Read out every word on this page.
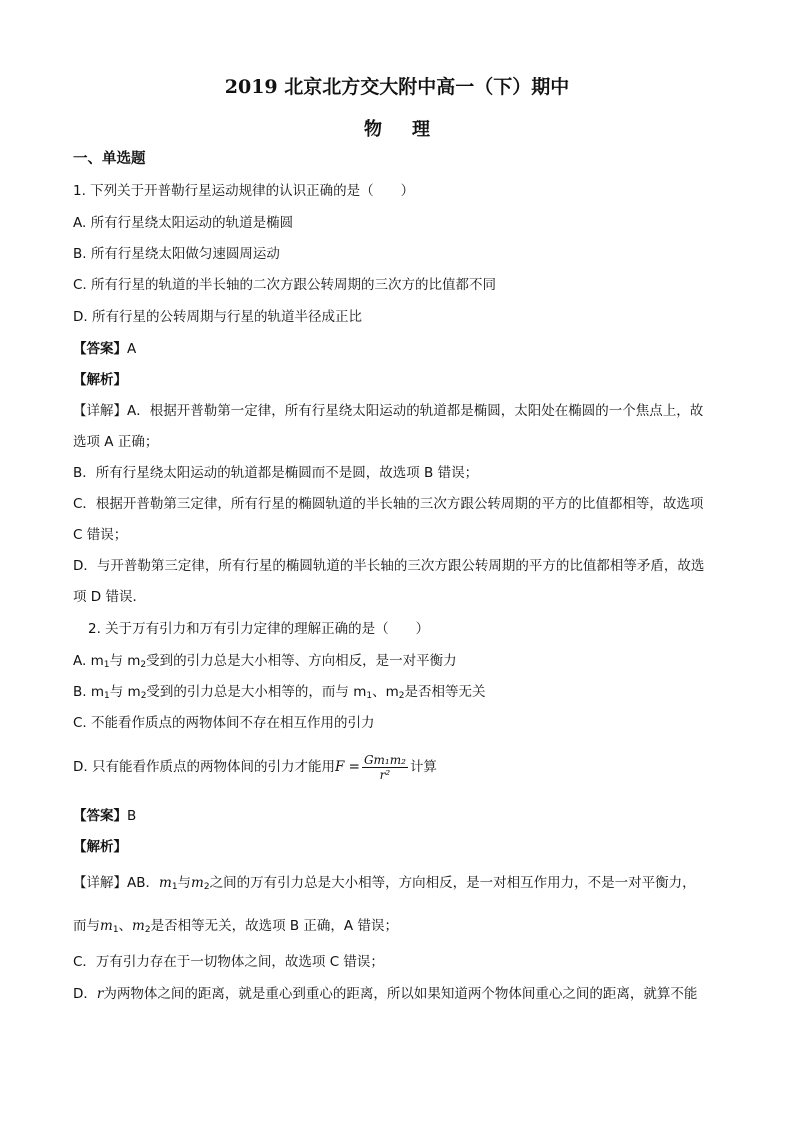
2019 北京北方交大附中高一（下）期中
物理
一、单选题
1. 下列关于开普勒行星运动规律的认识正确的是（　　）
A. 所有行星绕太阳运动的轨道是椭圆
B. 所有行星绕太阳做匀速圆周运动
C. 所有行星的轨道的半长轴的二次方跟公转周期的三次方的比值都不同
D. 所有行星的公转周期与行星的轨道半径成正比
【答案】A
【解析】
【详解】A．根据开普勒第一定律，所有行星绕太阳运动的轨道都是椭圆，太阳处在椭圆的一个焦点上，故
选项 A 正确；
B．所有行星绕太阳运动的轨道都是椭圆而不是圆，故选项 B 错误；
C．根据开普勒第三定律，所有行星的椭圆轨道的半长轴的三次方跟公转周期的平方的比值都相等，故选项
C 错误；
D．与开普勒第三定律，所有行星的椭圆轨道的半长轴的三次方跟公转周期的平方的比值都相等矛盾，故选
项 D 错误．
2. 关于万有引力和万有引力定律的理解正确的是（　　）
A. $m_1$与 $m_2$受到的引力总是大小相等、方向相反，是一对平衡力
B. $m_1$与 $m_2$受到的引力总是大小相等的，而与 $m_1$、$m_2$是否相等无关
C. 不能看作质点的两物体间不存在相互作用的引力
D. 只有能看作质点的两物体间的引力才能用$F = \frac{\text{Gm₁m₂}}{\text{r²}}$ 计算
【答案】B
【解析】
【详解】AB．$m_1$与$m_2$之间的万有引力总是大小相等，方向相反，是一对相互作用力，不是一对平衡力，
而与$m_1$、$m_2$是否相等无关，故选项 B 正确，A 错误；
C．万有引力存在于一切物体之间，故选项 C 错误；
D．r为两物体之间的距离，就是重心到重心的距离，所以如果知道两个物体间重心之间的距离，就算不能
